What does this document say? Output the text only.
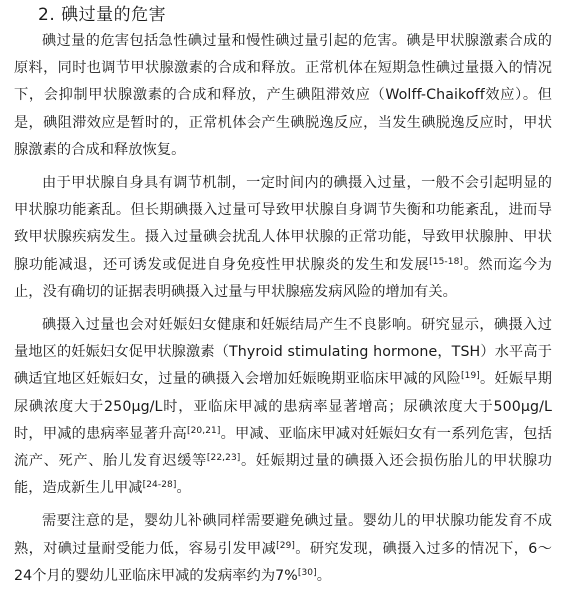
2. 碘过量的危害

碘过量的危害包括急性碘过量和慢性碘过量引起的危害。碘是甲状腺激素合成的原料，同时也调节甲状腺激素的合成和释放。正常机体在短期急性碘过量摄入的情况下，会抑制甲状腺激素的合成和释放，产生碘阻滞效应（Wolff-Chaikoff效应）。但是，碘阻滞效应是暂时的，正常机体会产生碘脱逸反应，当发生碘脱逸反应时，甲状腺激素的合成和释放恢复。

由于甲状腺自身具有调节机制，一定时间内的碘摄入过量，一般不会引起明显的甲状腺功能紊乱。但长期碘摄入过量可导致甲状腺自身调节失衡和功能紊乱，进而导致甲状腺疾病发生。摄入过量碘会扰乱人体甲状腺的正常功能，导致甲状腺肿、甲状腺功能减退，还可诱发或促进自身免疫性甲状腺炎的发生和发展[15-18]。然而迄今为止，没有确切的证据表明碘摄入过量与甲状腺癌发病风险的增加有关。

碘摄入过量也会对妊娠妇女健康和妊娠结局产生不良影响。研究显示，碘摄入过量地区的妊娠妇女促甲状腺激素（Thyroid stimulating hormone，TSH）水平高于碘适宜地区妊娠妇女，过量的碘摄入会增加妊娠晚期亚临床甲减的风险[19]。妊娠早期尿碘浓度大于250μg/L时，亚临床甲减的患病率显著增高；尿碘浓度大于500μg/L时，甲减的患病率显著升高[20,21]。甲减、亚临床甲减对妊娠妇女有一系列危害，包括流产、死产、胎儿发育迟缓等[22,23]。妊娠期过量的碘摄入还会损伤胎儿的甲状腺功能，造成新生儿甲减[24-28]。

需要注意的是，婴幼儿补碘同样需要避免碘过量。婴幼儿的甲状腺功能发育不成熟，对碘过量耐受能力低，容易引发甲减[29]。研究发现，碘摄入过多的情况下，6～24个月的婴幼儿亚临床甲减的发病率约为7%[30]。
